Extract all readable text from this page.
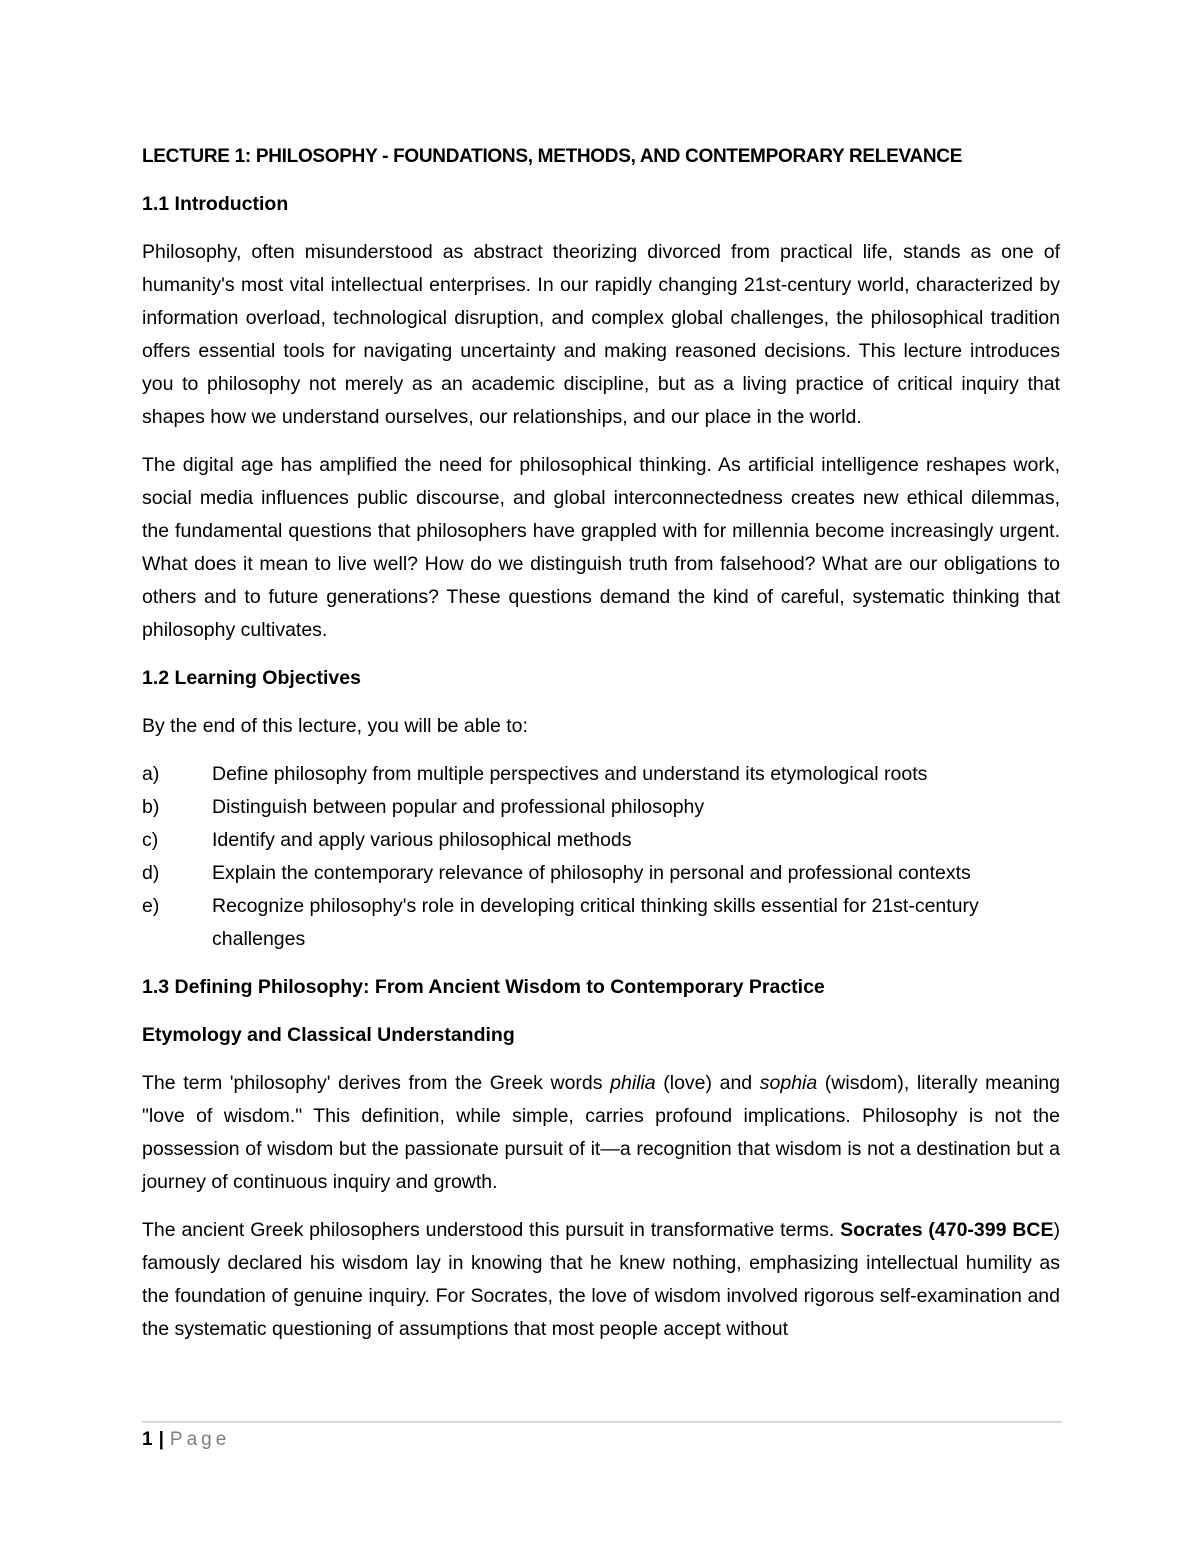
LECTURE 1: PHILOSOPHY - FOUNDATIONS, METHODS, AND CONTEMPORARY RELEVANCE
1.1 Introduction

Philosophy, often misunderstood as abstract theorizing divorced from practical life, stands as one of humanity's most vital intellectual enterprises. In our rapidly changing 21st-century world, characterized by information overload, technological disruption, and complex global challenges, the philosophical tradition offers essential tools for navigating uncertainty and making reasoned decisions. This lecture introduces you to philosophy not merely as an academic discipline, but as a living practice of critical inquiry that shapes how we understand ourselves, our relationships, and our place in the world.

The digital age has amplified the need for philosophical thinking. As artificial intelligence reshapes work, social media influences public discourse, and global interconnectedness creates new ethical dilemmas, the fundamental questions that philosophers have grappled with for millennia become increasingly urgent. What does it mean to live well? How do we distinguish truth from falsehood? What are our obligations to others and to future generations? These questions demand the kind of careful, systematic thinking that philosophy cultivates.

1.2 Learning Objectives

By the end of this lecture, you will be able to:

a)	Define philosophy from multiple perspectives and understand its etymological roots
b)	Distinguish between popular and professional philosophy
c)	Identify and apply various philosophical methods
d)	Explain the contemporary relevance of philosophy in personal and professional contexts
e)	Recognize philosophy's role in developing critical thinking skills essential for 21st-century challenges
1.3 Defining Philosophy: From Ancient Wisdom to Contemporary Practice
Etymology and Classical Understanding

The term 'philosophy' derives from the Greek words philia (love) and sophia (wisdom), literally meaning "love of wisdom." This definition, while simple, carries profound implications. Philosophy is not the possession of wisdom but the passionate pursuit of it—a recognition that wisdom is not a destination but a journey of continuous inquiry and growth.

The ancient Greek philosophers understood this pursuit in transformative terms. Socrates (470-399 BCE) famously declared his wisdom lay in knowing that he knew nothing, emphasizing intellectual humility as the foundation of genuine inquiry. For Socrates, the love of wisdom involved rigorous self-examination and the systematic questioning of assumptions that most people accept without

1 | Page
